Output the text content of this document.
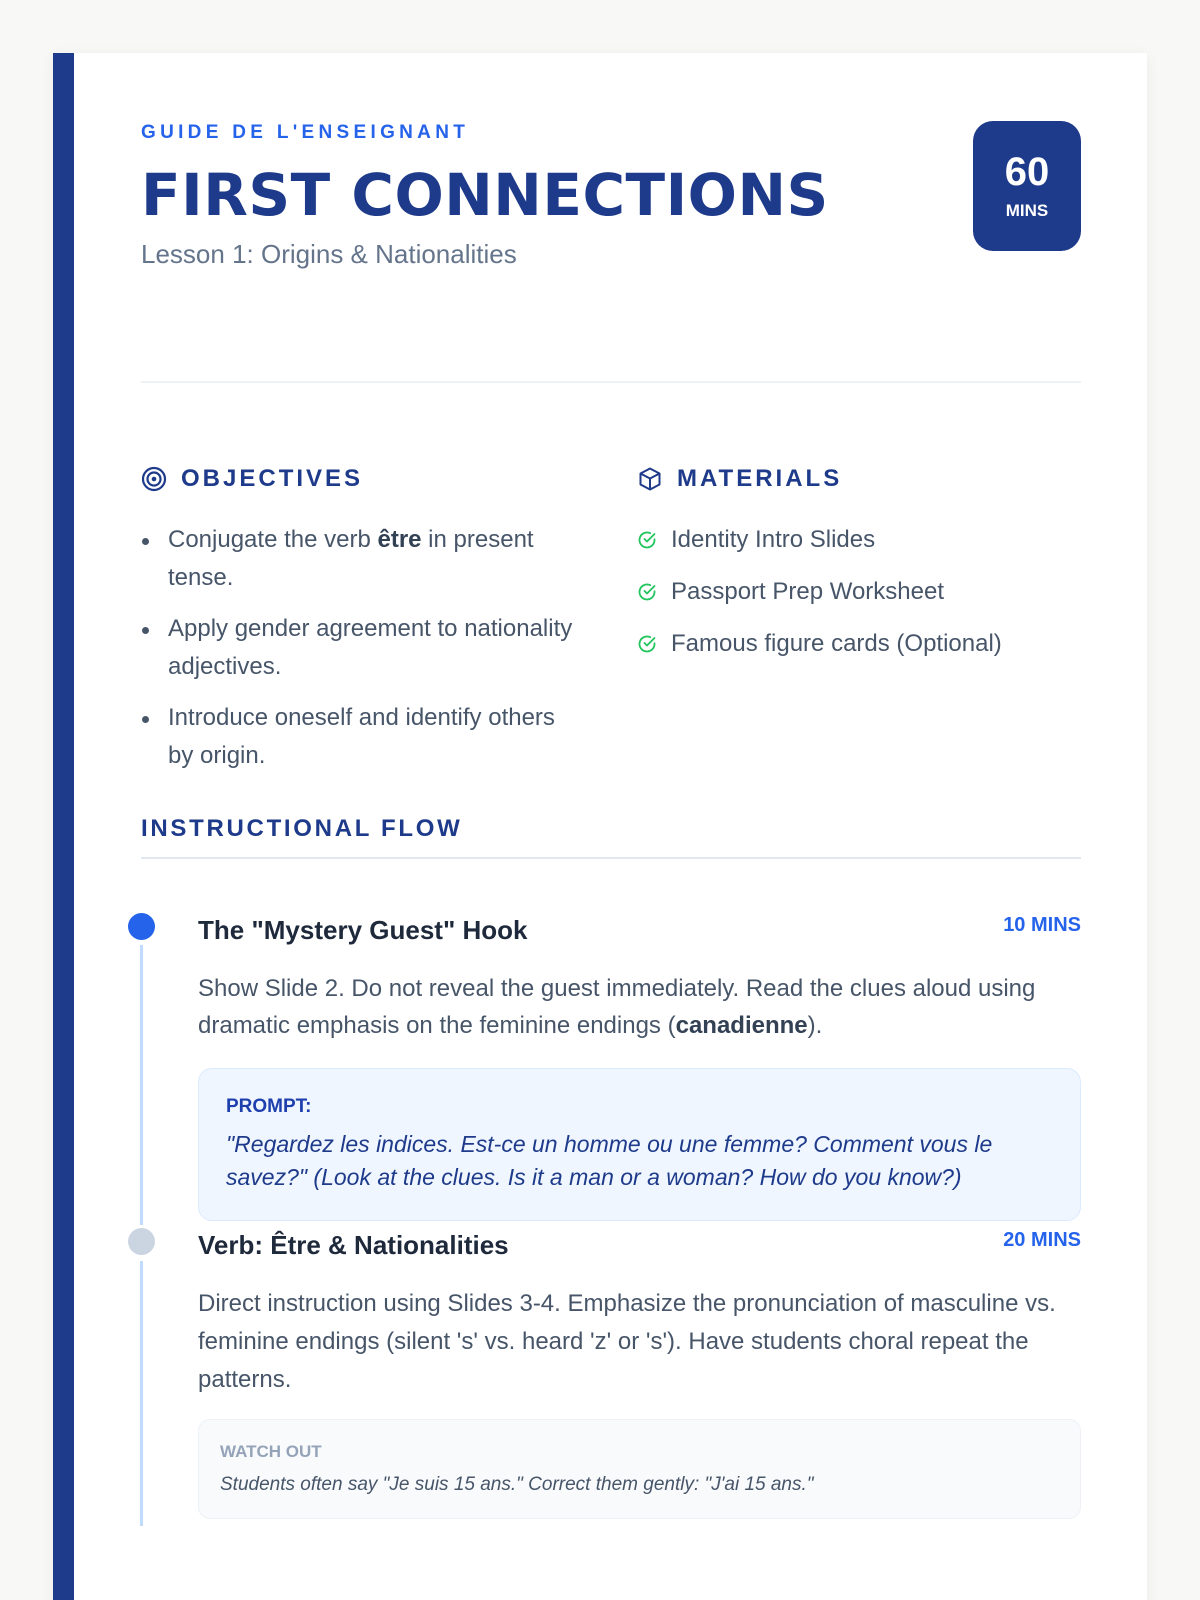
GUIDE DE L'ENSEIGNANT
FIRST CONNECTIONS
Lesson 1: Origins & Nationalities
60
MINS
OBJECTIVES
Conjugate the verb être in present tense.
Apply gender agreement to nationality adjectives.
Introduce oneself and identify others by origin.
MATERIALS
Identity Intro Slides
Passport Prep Worksheet
Famous figure cards (Optional)
INSTRUCTIONAL FLOW
10 MINS
The "Mystery Guest" Hook
Show Slide 2. Do not reveal the guest immediately. Read the clues aloud using dramatic emphasis on the feminine endings (canadienne).
PROMPT:
"Regardez les indices. Est-ce un homme ou une femme? Comment vous le savez?" (Look at the clues. Is it a man or a woman? How do you know?)
20 MINS
Verb: Être & Nationalities
Direct instruction using Slides 3-4. Emphasize the pronunciation of masculine vs. feminine endings (silent 's' vs. heard 'z' or 's'). Have students choral repeat the patterns.
WATCH OUT
Students often say "Je suis 15 ans." Correct them gently: "J'ai 15 ans."
